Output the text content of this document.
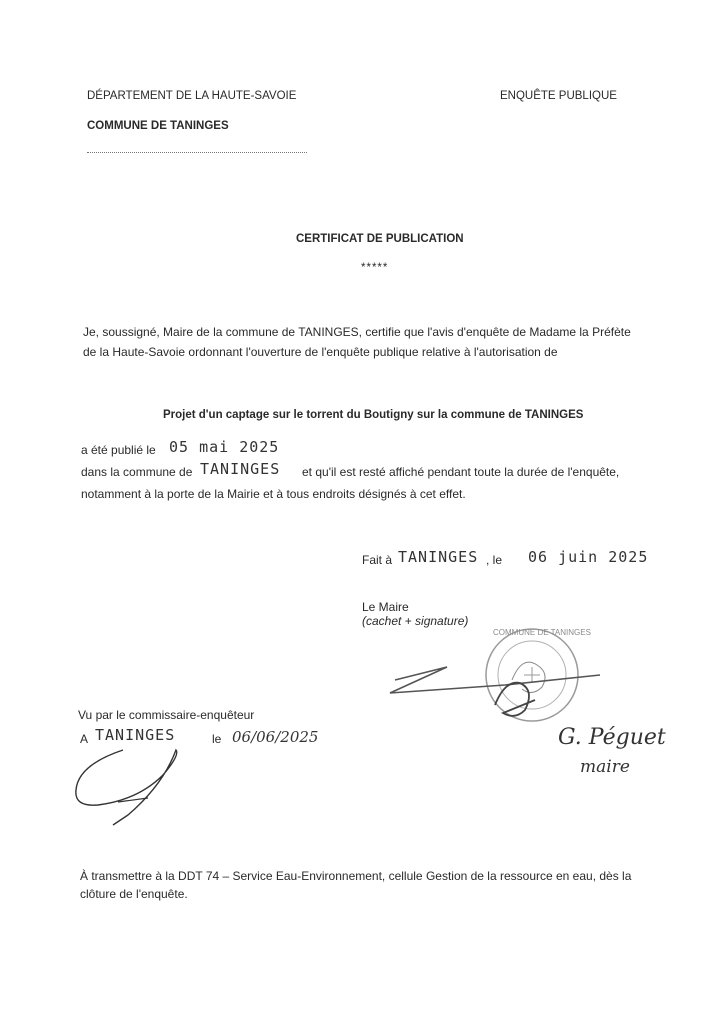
DÉPARTEMENT DE LA HAUTE-SAVOIE
COMMUNE DE TANINGES
ENQUÊTE PUBLIQUE
CERTIFICAT DE PUBLICATION
*****
Je, soussigné, Maire de la commune de TANINGES, certifie que l'avis d'enquête de Madame la Préfète
de la Haute-Savoie ordonnant l'ouverture de l'enquête publique relative à l'autorisation de
Projet d'un captage sur le torrent du Boutigny sur la commune de TANINGES
a été publié le 05 mai 2025
dans la commune de TANINGES et qu'il est resté affiché pendant toute la durée de l'enquête,
notamment à la porte de la Mairie et à tous endroits désignés à cet effet.
Fait à TANINGES , le 06 juin 2025
Le Maire
(cachet + signature)
COMMUNE DE TANINGES
G. Péguet
maire
Vu par le commissaire-enquêteur
A TANINGES	le 06/06/2025
À transmettre à la DDT 74 – Service Eau-Environnement, cellule Gestion de la ressource en eau, dès la
clôture de l'enquête.
